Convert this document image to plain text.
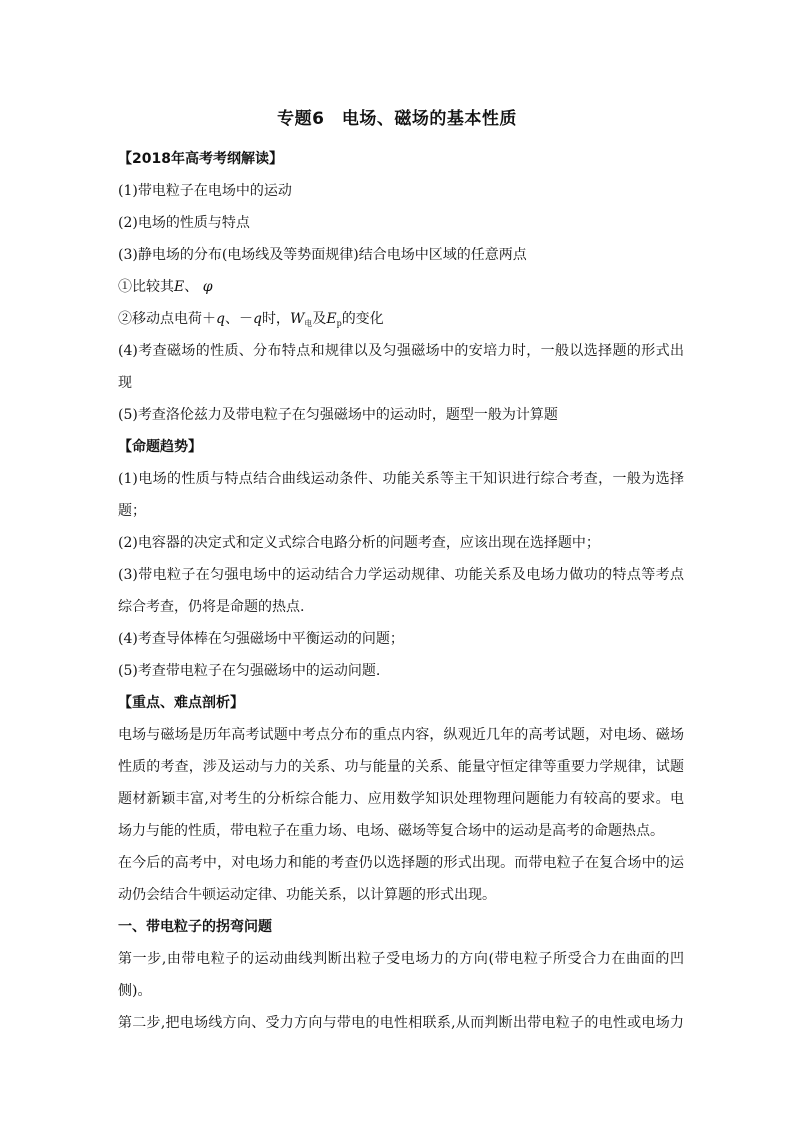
专题6　电场、磁场的基本性质
【2018年高考考纲解读】
(1)带电粒子在电场中的运动
(2)电场的性质与特点
(3)静电场的分布(电场线及等势面规律)结合电场中区域的任意两点
①比较其E、 φ
②移动点电荷＋q、－q时，$W_电$及$E_p$的变化
(4)考查磁场的性质、分布特点和规律以及匀强磁场中的安培力时，一般以选择题的形式出
现
(5)考查洛伦兹力及带电粒子在匀强磁场中的运动时，题型一般为计算题
【命题趋势】
(1)电场的性质与特点结合曲线运动条件、功能关系等主干知识进行综合考查，一般为选择
题；
(2)电容器的决定式和定义式综合电路分析的问题考查，应该出现在选择题中；
(3)带电粒子在匀强电场中的运动结合力学运动规律、功能关系及电场力做功的特点等考点
综合考查，仍将是命题的热点.
(4)考查导体棒在匀强磁场中平衡运动的问题；
(5)考查带电粒子在匀强磁场中的运动问题.
【重点、难点剖析】
电场与磁场是历年高考试题中考点分布的重点内容，纵观近几年的高考试题，对电场、磁场
性质的考查，涉及运动与力的关系、功与能量的关系、能量守恒定律等重要力学规律，试题
题材新颖丰富,对考生的分析综合能力、应用数学知识处理物理问题能力有较高的要求。电
场力与能的性质，带电粒子在重力场、电场、磁场等复合场中的运动是高考的命题热点。
在今后的高考中，对电场力和能的考查仍以选择题的形式出现。而带电粒子在复合场中的运
动仍会结合牛顿运动定律、功能关系，以计算题的形式出现。
一、带电粒子的拐弯问题
第一步,由带电粒子的运动曲线判断出粒子受电场力的方向(带电粒子所受合力在曲面的凹
侧)。
第二步,把电场线方向、受力方向与带电的电性相联系,从而判断出带电粒子的电性或电场力
